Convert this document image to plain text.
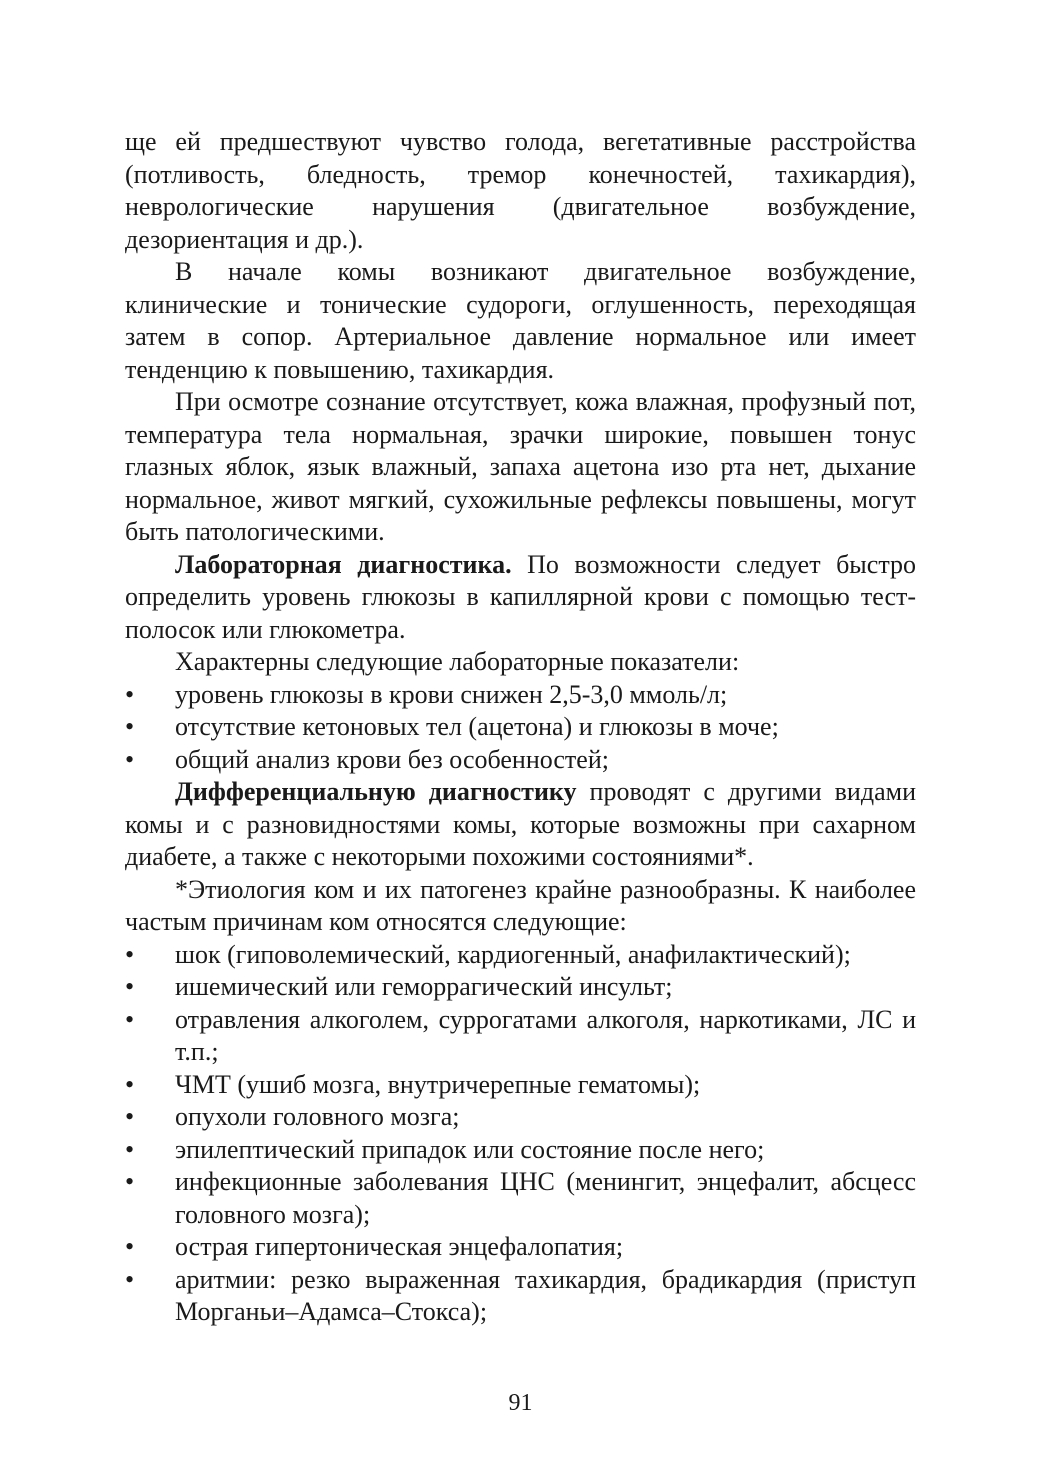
ще ей предшествуют чувство голода, вегетативные расстройства (потливость, бледность, тремор конечностей, тахикардия), неврологические нарушения (двигательное возбуждение, дезориентация и др.).

В начале комы возникают двигательное возбуждение, клинические и тонические судороги, оглушенность, переходящая затем в сопор. Артериальное давление нормальное или имеет тенденцию к повышению, тахикардия.

При осмотре сознание отсутствует, кожа влажная, профузный пот, температура тела нормальная, зрачки широкие, повышен тонус глазных яблок, язык влажный, запаха ацетона изо рта нет, дыхание нормальное, живот мягкий, сухожильные рефлексы повышены, могут быть патологическими.

Лабораторная диагностика. По возможности следует быстро определить уровень глюкозы в капиллярной крови с помощью тест-полосок или глюкометра.

Характерны следующие лабораторные показатели:

• уровень глюкозы в крови снижен 2,5-3,0 ммоль/л;
• отсутствие кетоновых тел (ацетона) и глюкозы в моче;
• общий анализ крови без особенностей;

Дифференциальную диагностику проводят с другими видами комы и с разновидностями комы, которые возможны при сахарном диабете, а также с некоторыми похожими состояниями*.

*Этиология ком и их патогенез крайне разнообразны. К наиболее частым причинам ком относятся следующие:

• шок (гиповолемический, кардиогенный, анафилактический);
• ишемический или геморрагический инсульт;
• отравления алкоголем, суррогатами алкоголя, наркотиками, ЛС и т.п.;
• ЧМТ (ушиб мозга, внутричерепные гематомы);
• опухоли головного мозга;
• эпилептический припадок или состояние после него;
• инфекционные заболевания ЦНС (менингит, энцефалит, абсцесс головного мозга);
• острая гипертоническая энцефалопатия;
• аритмии: резко выраженная тахикардия, брадикардия (приступ Морганьи–Адамса–Стокса);
91
